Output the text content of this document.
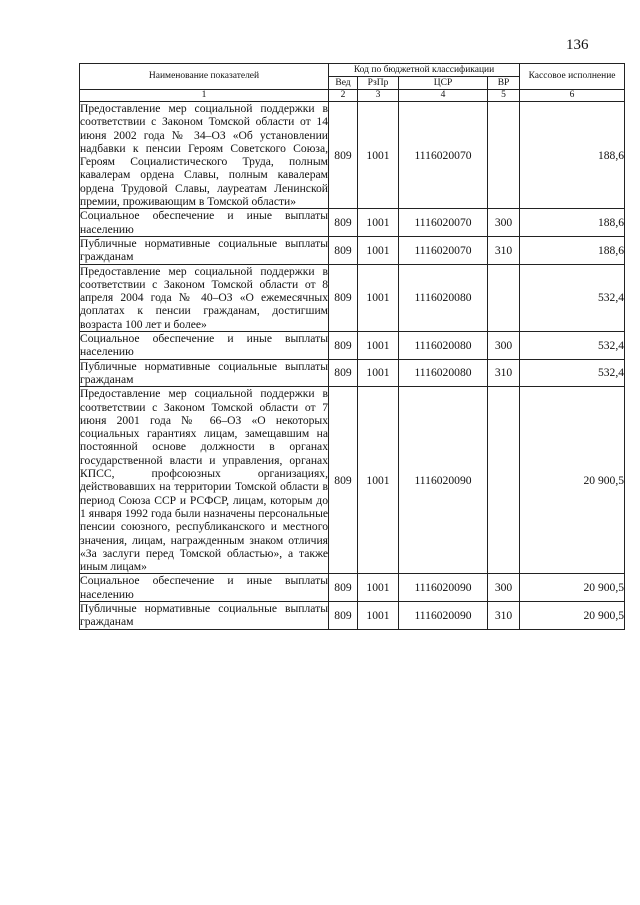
136
Наименование показателей	Код по бюджетной классификации				Кассовое исполнение
	Вед	РзПр	ЦСР	ВР	
1	2	3	4	5	6
Предоставление мер социальной поддержки в соответствии с Законом Томской области от 14 июня 2002 года № 34–ОЗ «Об установлении надбавки к пенсии Героям Советского Союза, Героям Социалистического Труда, полным кавалерам ордена Славы, полным кавалерам ордена Трудовой Славы, лауреатам Ленинской премии, проживающим в Томской области»	809	1001	1116020070		188,6
Социальное обеспечение и иные выплаты населению	809	1001	1116020070	300	188,6
Публичные нормативные социальные выплаты гражданам	809	1001	1116020070	310	188,6
Предоставление мер социальной поддержки в соответствии с Законом Томской области от 8 апреля 2004 года № 40–ОЗ «О ежемесячных доплатах к пенсии гражданам, достигшим возраста 100 лет и более»	809	1001	1116020080		532,4
Социальное обеспечение и иные выплаты населению	809	1001	1116020080	300	532,4
Публичные нормативные социальные выплаты гражданам	809	1001	1116020080	310	532,4
Предоставление мер социальной поддержки в соответствии с Законом Томской области от 7 июня 2001 года № 66–ОЗ «О некоторых социальных гарантиях лицам, замещавшим на постоянной основе должности в органах государственной власти и управления, органах КПСС, профсоюзных организациях, действовавших на территории Томской области в период Союза ССР и РСФСР, лицам, которым до 1 января 1992 года были назначены персональные пенсии союзного, республиканского и местного значения, лицам, награжденным знаком отличия «За заслуги перед Томской областью», а также иным лицам»	809	1001	1116020090		20 900,5
Социальное обеспечение и иные выплаты населению	809	1001	1116020090	300	20 900,5
Публичные нормативные социальные выплаты гражданам	809	1001	1116020090	310	20 900,5
